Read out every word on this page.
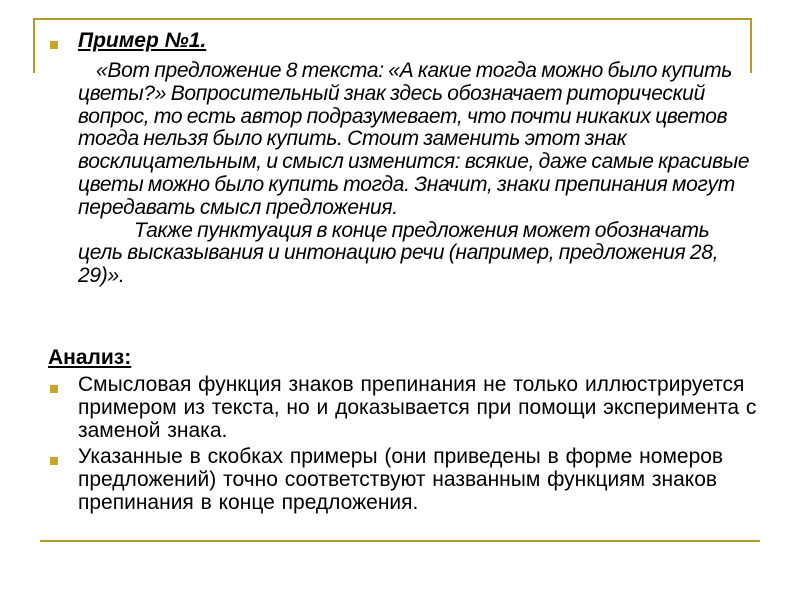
Пример №1.

«Вот предложение 8 текста: «А какие тогда можно было купить цветы?» Вопросительный знак здесь обозначает риторический вопрос, то есть автор подразумевает, что почти никаких цветов тогда нельзя было купить. Стоит заменить этот знак восклицательным, и смысл изменится: всякие, даже самые красивые цветы можно было купить тогда. Значит, знаки препинания могут передавать смысл предложения.

Также пунктуация в конце предложения может обозначать цель высказывания и интонацию речи (например, предложения 28, 29)».

Анализ:
Смысловая функция знаков препинания не только иллюстрируется примером из текста, но и доказывается при помощи эксперимента с заменой знака.
Указанные в скобках примеры (они приведены в форме номеров предложений) точно соответствуют названным функциям знаков препинания в конце предложения.
